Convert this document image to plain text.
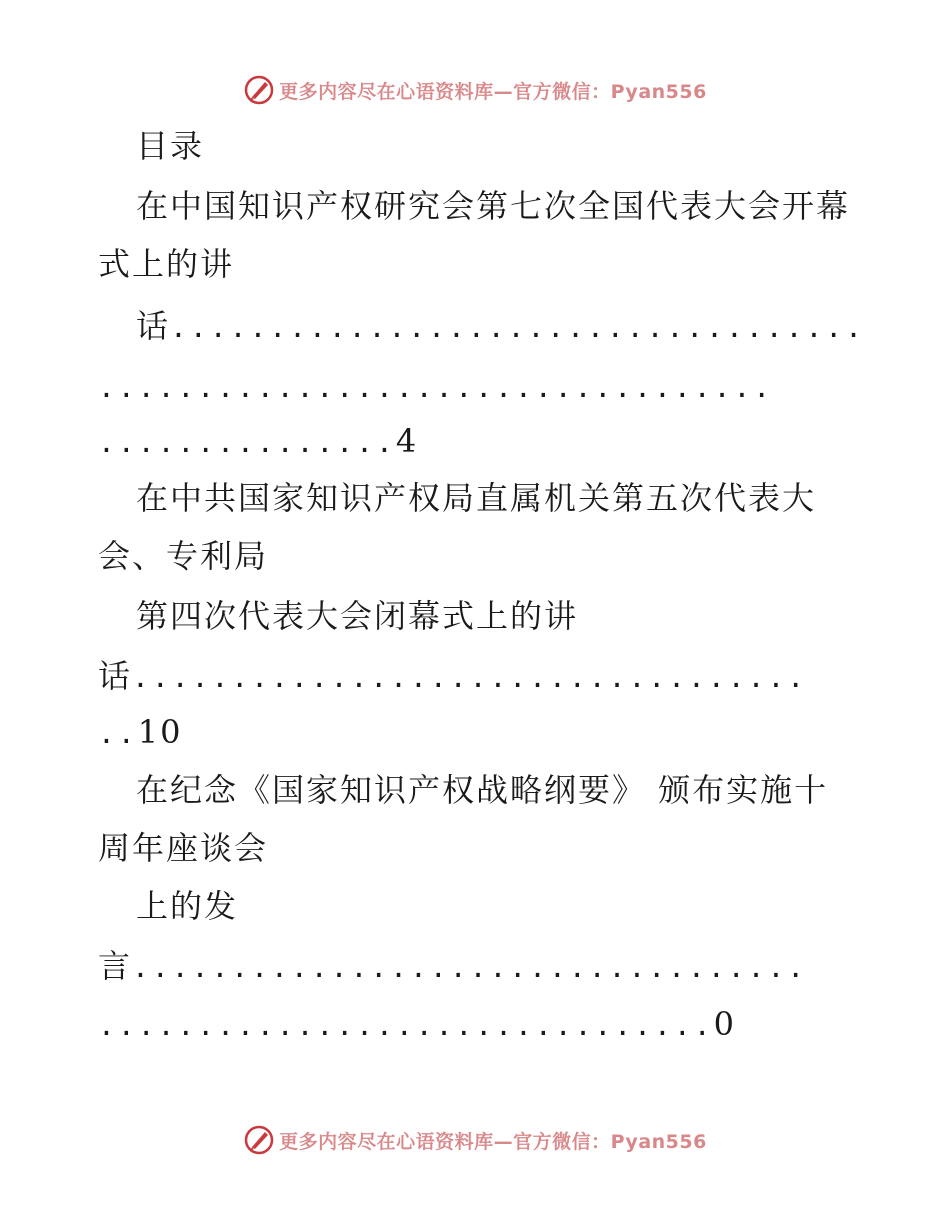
更多内容尽在心语资料库—官方微信：Pyan556
目录
在中国知识产权研究会第七次全国代表大会开幕
式上的讲
话...................................
..................................
...............4
在中共国家知识产权局直属机关第五次代表大
会、专利局
第四次代表大会闭幕式上的讲
话..................................
..10
在纪念《国家知识产权战略纲要》 颁布实施十
周年座谈会
上的发
言..................................
...............................0
更多内容尽在心语资料库—官方微信：Pyan556
